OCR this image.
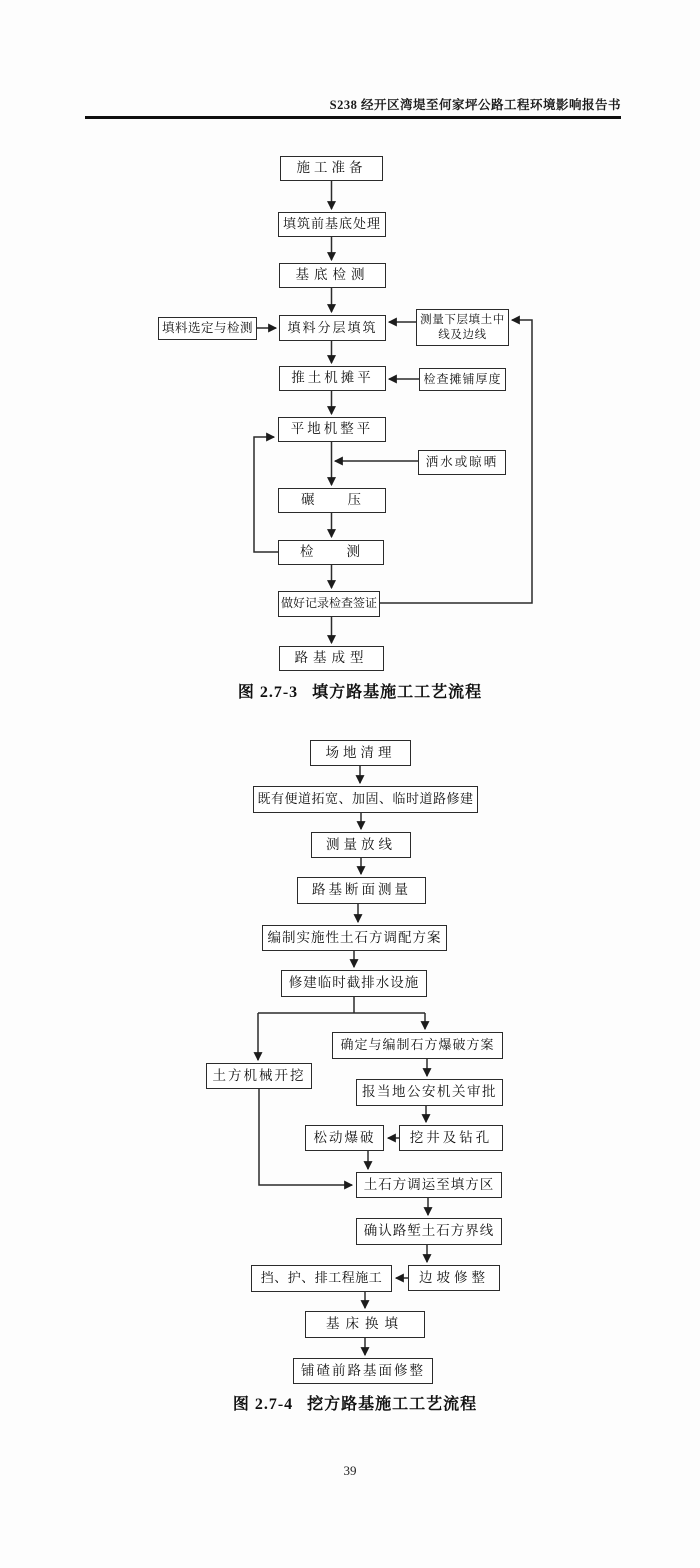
S238 经开区湾堤至何家坪公路工程环境影响报告书
施工准备
填筑前基底处理
基底检测
填料选定与检测	填料分层填筑
测量下层填土中线及边线
推土机摊平	检查摊铺厚度
平地机整平
洒水或晾晒
碾　　压
检　　测
做好记录检查签证
路基成型
图 2.7-3 填方路基施工工艺流程
场地清理
既有便道拓宽、加固、临时道路修建
测量放线
路基断面测量
编制实施性土石方调配方案
修建临时截排水设施
土方机械开挖
确定与编制石方爆破方案
报当地公安机关审批
挖井及钻孔
松动爆破
土石方调运至填方区
确认路堑土石方界线
边坡修整
挡、护、排工程施工
基床换填
铺碴前路基面修整
图 2.7-4 挖方路基施工工艺流程
39
